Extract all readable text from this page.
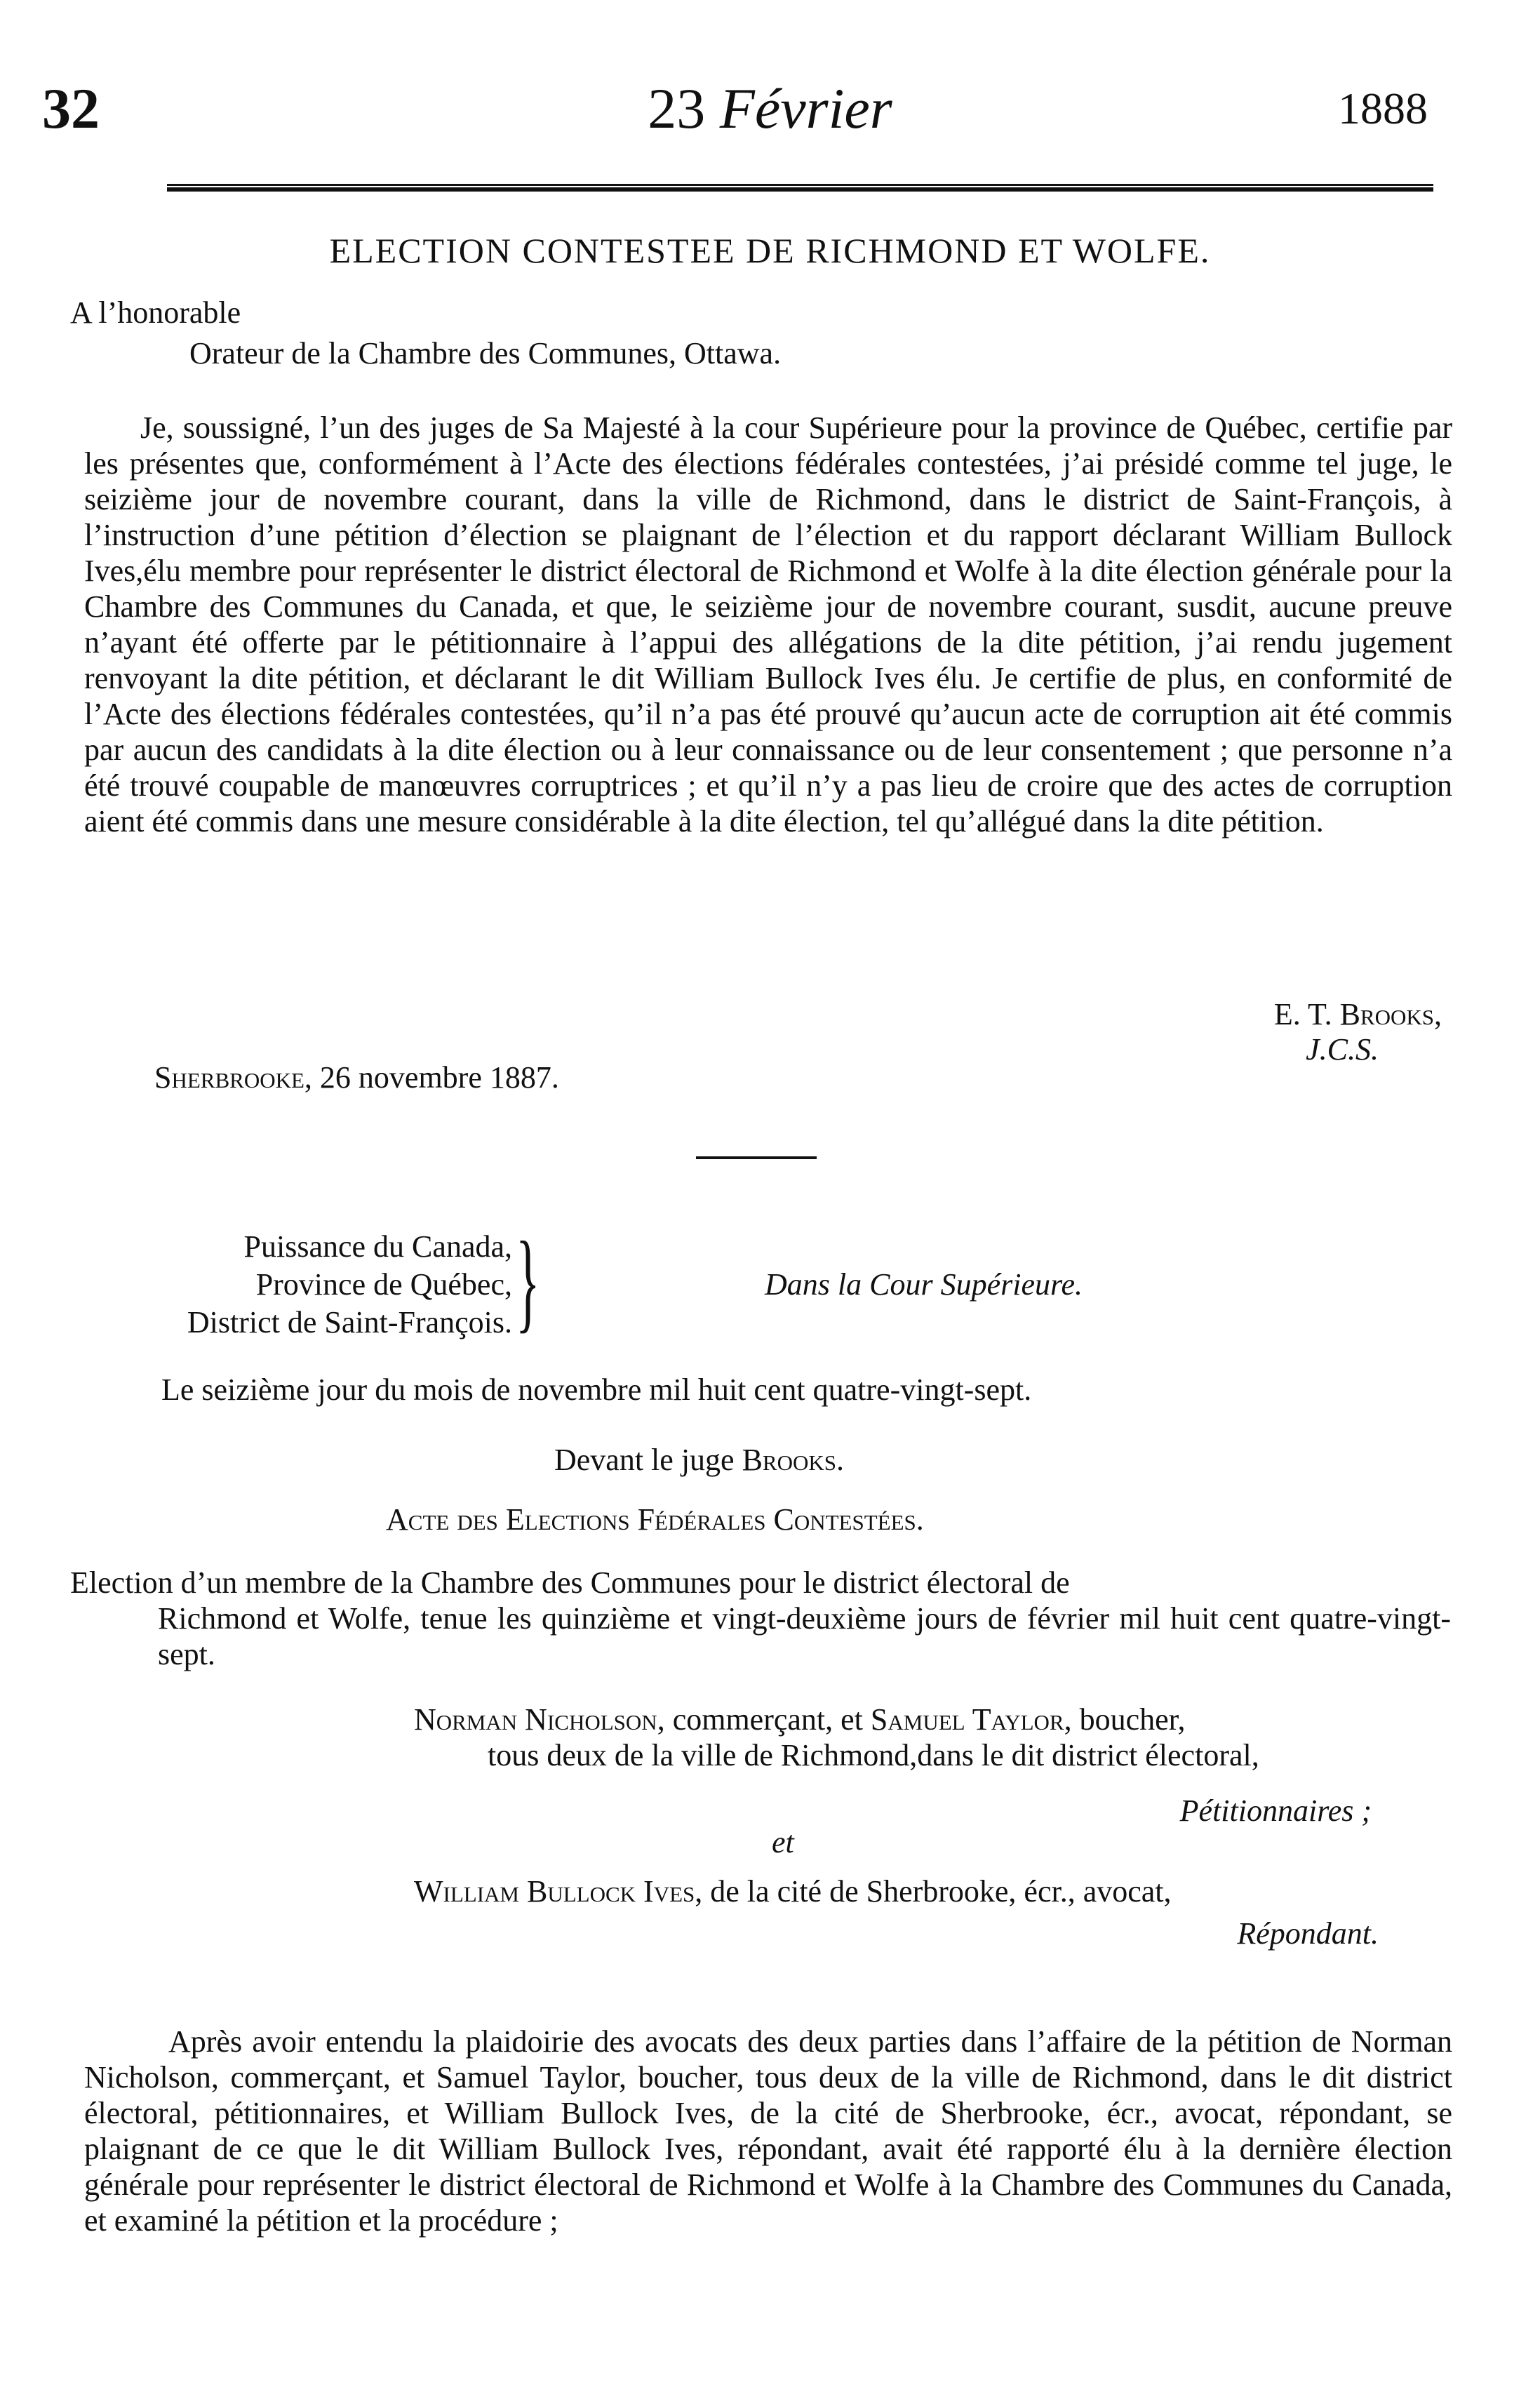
32	23 Février	1888
ELECTION CONTESTEE DE RICHMOND ET WOLFE.
A l’honorable
Orateur de la Chambre des Communes, Ottawa.

Je, soussigné, l’un des juges de Sa Majesté à la cour Supérieure pour la province de Québec, certifie par les présentes que, conformément à l’Acte des élections fédérales contestées, j’ai présidé comme tel juge, le seizième jour de novembre courant, dans la ville de Richmond, dans le district de Saint-François, à l’instruction d’une pétition d’élection se plaignant de l’élection et du rapport déclarant William Bullock Ives,élu membre pour représenter le district électoral de Richmond et Wolfe à la dite élection générale pour la Chambre des Communes du Canada, et que, le seizième jour de novembre courant, susdit, aucune preuve n’ayant été offerte par le pétitionnaire à l’appui des allégations de la dite pétition, j’ai rendu jugement renvoyant la dite pétition, et déclarant le dit William Bullock Ives élu. Je certifie de plus, en conformité de l’Acte des élections fédérales contestées, qu’il n’a pas été prouvé qu’aucun acte de corruption ait été commis par aucun des candidats à la dite élection ou à leur connaissance ou de leur consentement ; que personne n’a été trouvé coupable de manœuvres corruptrices ; et qu’il n’y a pas lieu de croire que des actes de corruption aient été commis dans une mesure considérable à la dite élection, tel qu’allégué dans la dite pétition.

E. T. Brooks,
J.C.S.
Sherbrooke, 26 novembre 1887.
Puissance du Canada,
Province de Québec,
District de Saint-François. }	Dans la Cour Supérieure.
Le seizième jour du mois de novembre mil huit cent quatre-vingt-sept.
Devant le juge Brooks.
Acte des Elections Fédérales Contestées.
Election d’un membre de la Chambre des Communes pour le district électoral de
Richmond et Wolfe, tenue les quinzième et vingt-deuxième jours de février mil huit cent quatre-vingt-sept.
Norman Nicholson, commerçant, et Samuel Taylor, boucher,
tous deux de la ville de Richmond,dans le dit district électoral,
Pétitionnaires ;
et
William Bullock Ives, de la cité de Sherbrooke, écr., avocat,
Répondant.

Après avoir entendu la plaidoirie des avocats des deux parties dans l’affaire de la pétition de Norman Nicholson, commerçant, et Samuel Taylor, boucher, tous deux de la ville de Richmond, dans le dit district électoral, pétitionnaires, et William Bullock Ives, de la cité de Sherbrooke, écr., avocat, répondant, se plaignant de ce que le dit William Bullock Ives, répondant, avait été rapporté élu à la dernière élection générale pour représenter le district électoral de Richmond et Wolfe à la Chambre des Communes du Canada, et examiné la pétition et la procédure ;
